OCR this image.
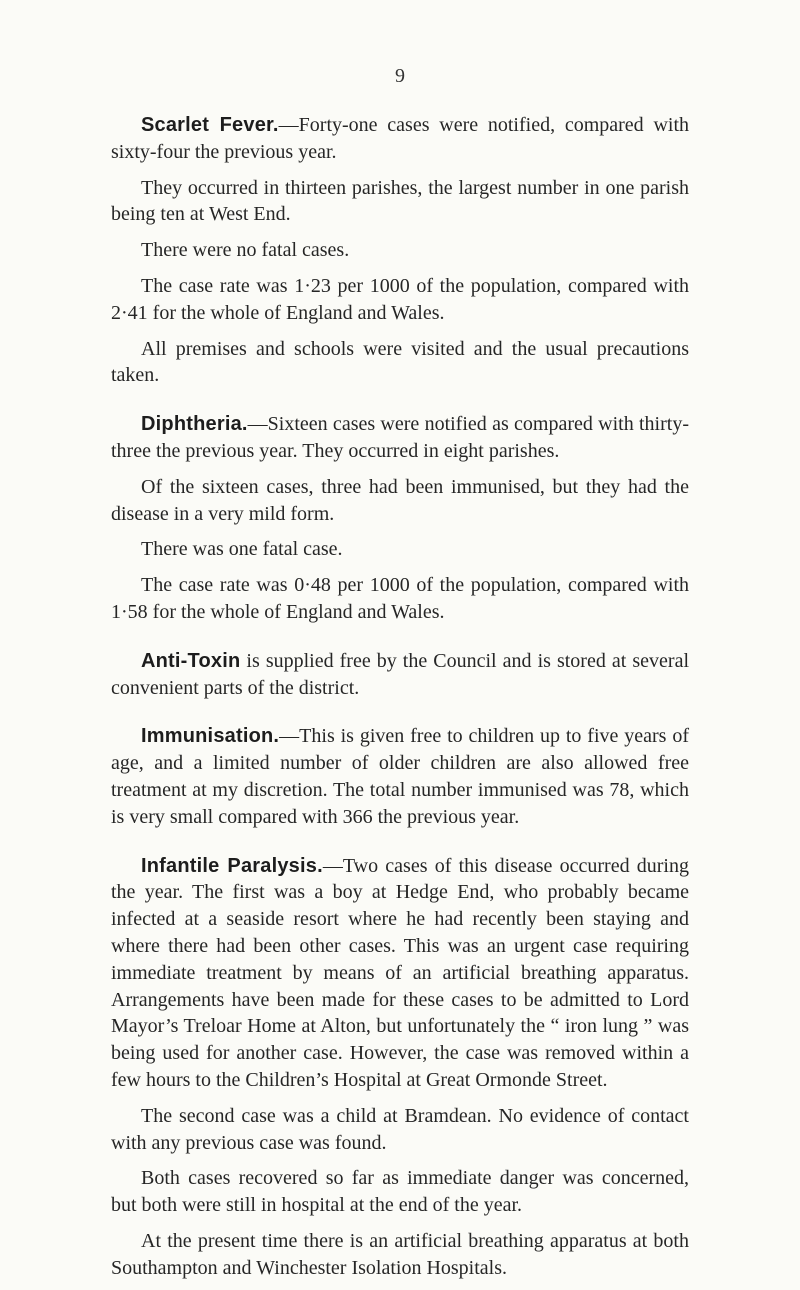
9

Scarlet Fever.—Forty-one cases were notified, compared with sixty-four the previous year.

They occurred in thirteen parishes, the largest number in one parish being ten at West End.

There were no fatal cases.

The case rate was 1·23 per 1000 of the population, compared with 2·41 for the whole of England and Wales.

All premises and schools were visited and the usual precautions taken.

Diphtheria.—Sixteen cases were notified as compared with thirty-three the previous year. They occurred in eight parishes.

Of the sixteen cases, three had been immunised, but they had the disease in a very mild form.

There was one fatal case.

The case rate was 0·48 per 1000 of the population, compared with 1·58 for the whole of England and Wales.

Anti-Toxin is supplied free by the Council and is stored at several convenient parts of the district.

Immunisation.—This is given free to children up to five years of age, and a limited number of older children are also allowed free treatment at my discretion. The total number immunised was 78, which is very small compared with 366 the previous year.

Infantile Paralysis.—Two cases of this disease occurred during the year. The first was a boy at Hedge End, who probably became infected at a seaside resort where he had recently been staying and where there had been other cases. This was an urgent case requiring immediate treatment by means of an artificial breathing apparatus. Arrangements have been made for these cases to be admitted to Lord Mayor’s Treloar Home at Alton, but unfortunately the “ iron lung ” was being used for another case. However, the case was removed within a few hours to the Children’s Hospital at Great Ormonde Street.

The second case was a child at Bramdean. No evidence of contact with any previous case was found.

Both cases recovered so far as immediate danger was concerned, but both were still in hospital at the end of the year.

At the present time there is an artificial breathing apparatus at both Southampton and Winchester Isolation Hospitals.
